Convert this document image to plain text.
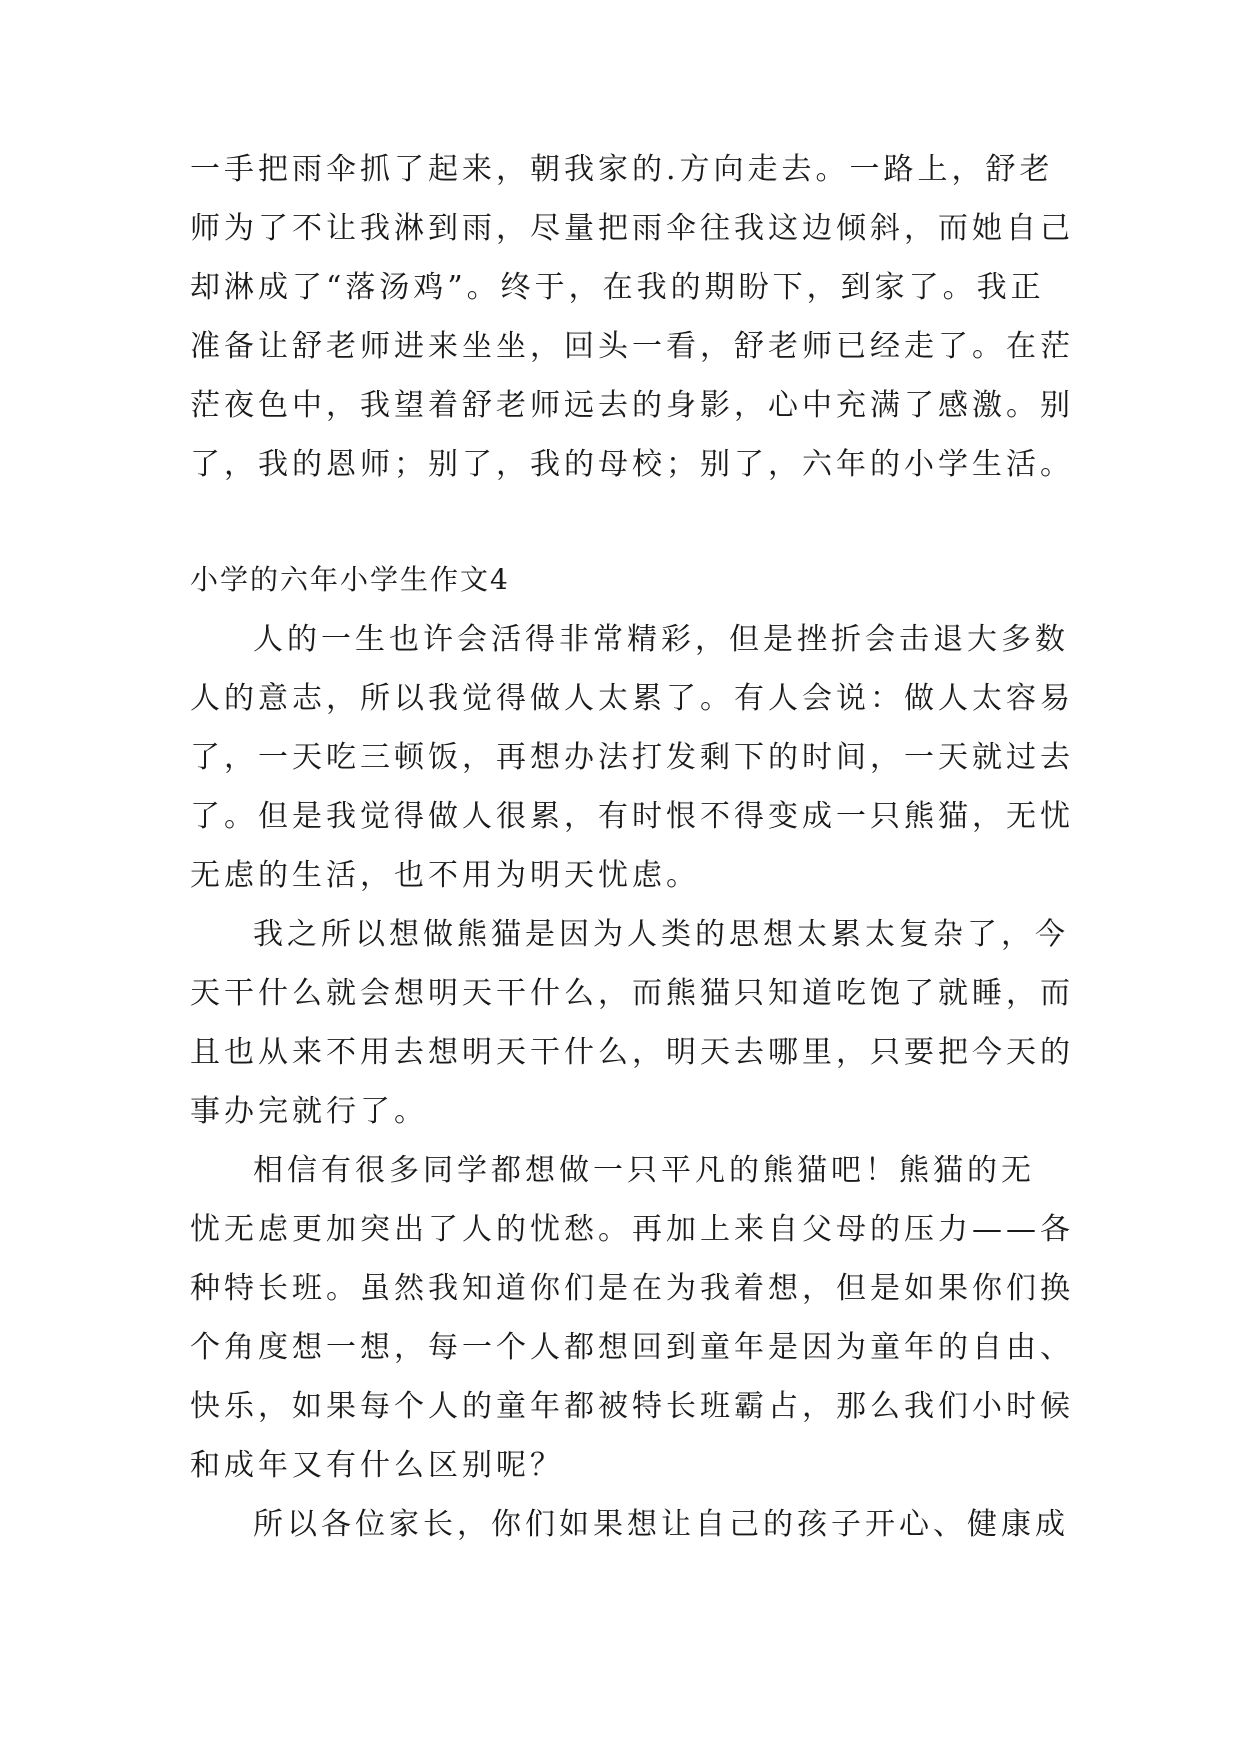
一手把雨伞抓了起来，朝我家的.方向走去。一路上，舒老
师为了不让我淋到雨，尽量把雨伞往我这边倾斜，而她自己
却淋成了“落汤鸡”。终于，在我的期盼下，到家了。我正
准备让舒老师进来坐坐，回头一看，舒老师已经走了。在茫
茫夜色中，我望着舒老师远去的身影，心中充满了感激。别
了，我的恩师；别了，我的母校；别了，六年的小学生活。
小学的六年小学生作文4
人的一生也许会活得非常精彩，但是挫折会击退大多数
人的意志，所以我觉得做人太累了。有人会说：做人太容易
了，一天吃三顿饭，再想办法打发剩下的时间，一天就过去
了。但是我觉得做人很累，有时恨不得变成一只熊猫，无忧
无虑的生活，也不用为明天忧虑。
我之所以想做熊猫是因为人类的思想太累太复杂了，今
天干什么就会想明天干什么，而熊猫只知道吃饱了就睡，而
且也从来不用去想明天干什么，明天去哪里，只要把今天的
事办完就行了。
相信有很多同学都想做一只平凡的熊猫吧！熊猫的无
忧无虑更加突出了人的忧愁。再加上来自父母的压力——各
种特长班。虽然我知道你们是在为我着想，但是如果你们换
个角度想一想，每一个人都想回到童年是因为童年的自由、
快乐，如果每个人的童年都被特长班霸占，那么我们小时候
和成年又有什么区别呢？
所以各位家长，你们如果想让自己的孩子开心、健康成
